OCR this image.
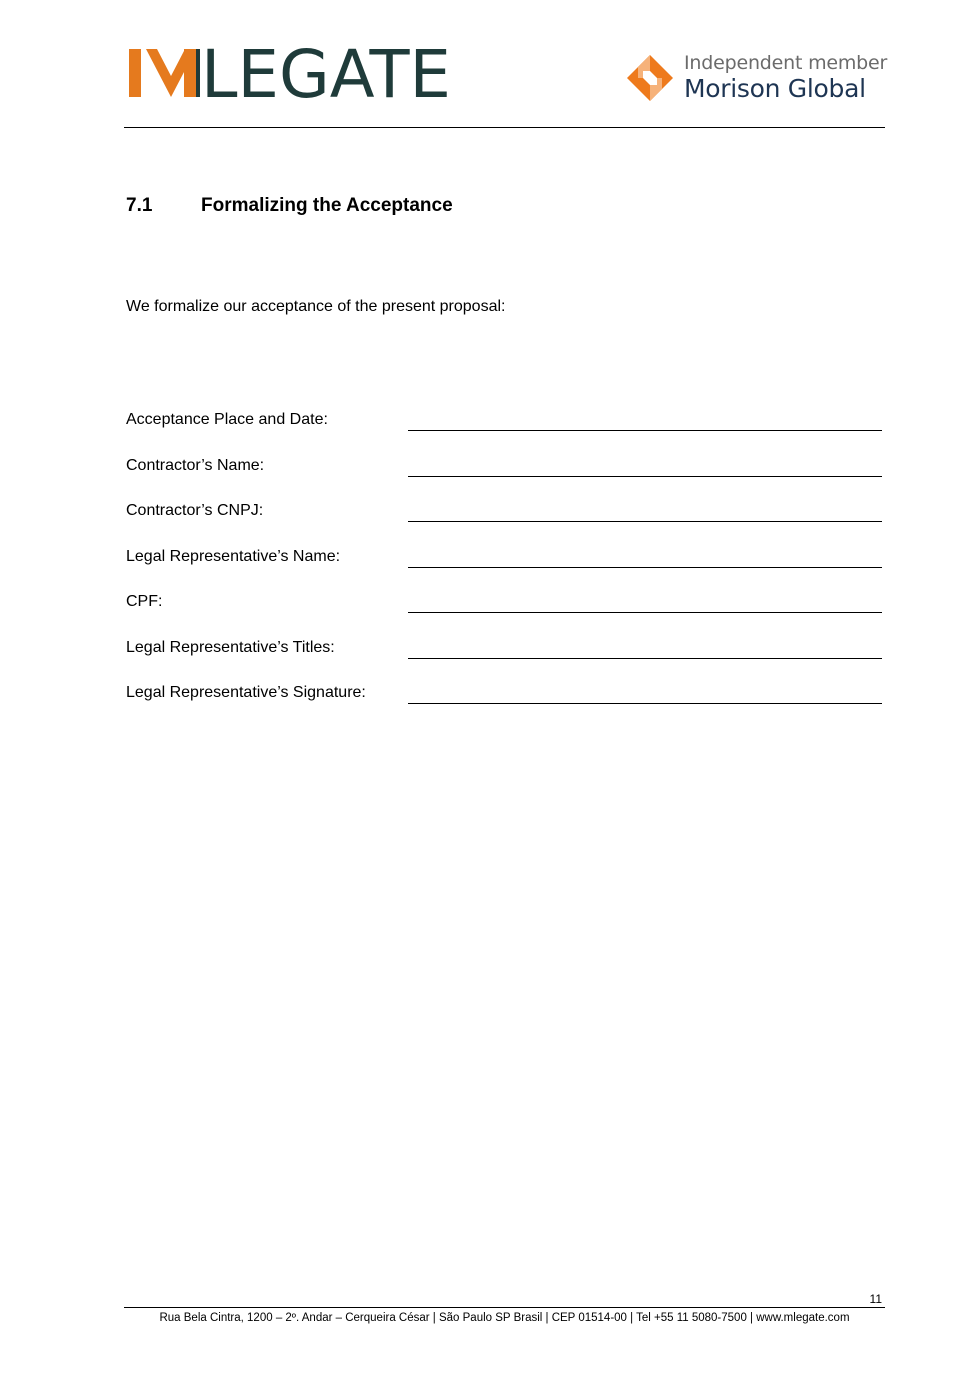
LEGATE	Independent member
Morison Global
7.1	Formalizing the Acceptance
We formalize our acceptance of the present proposal:
Acceptance Place and Date:
Contractor’s Name:
Contractor’s CNPJ:
Legal Representative’s Name:
CPF:
Legal Representative’s Titles:
Legal Representative’s Signature:
11
Rua Bela Cintra, 1200 – 2º. Andar – Cerqueira César | São Paulo SP Brasil | CEP 01514-00 | Tel +55 11 5080-7500 | www.mlegate.com
